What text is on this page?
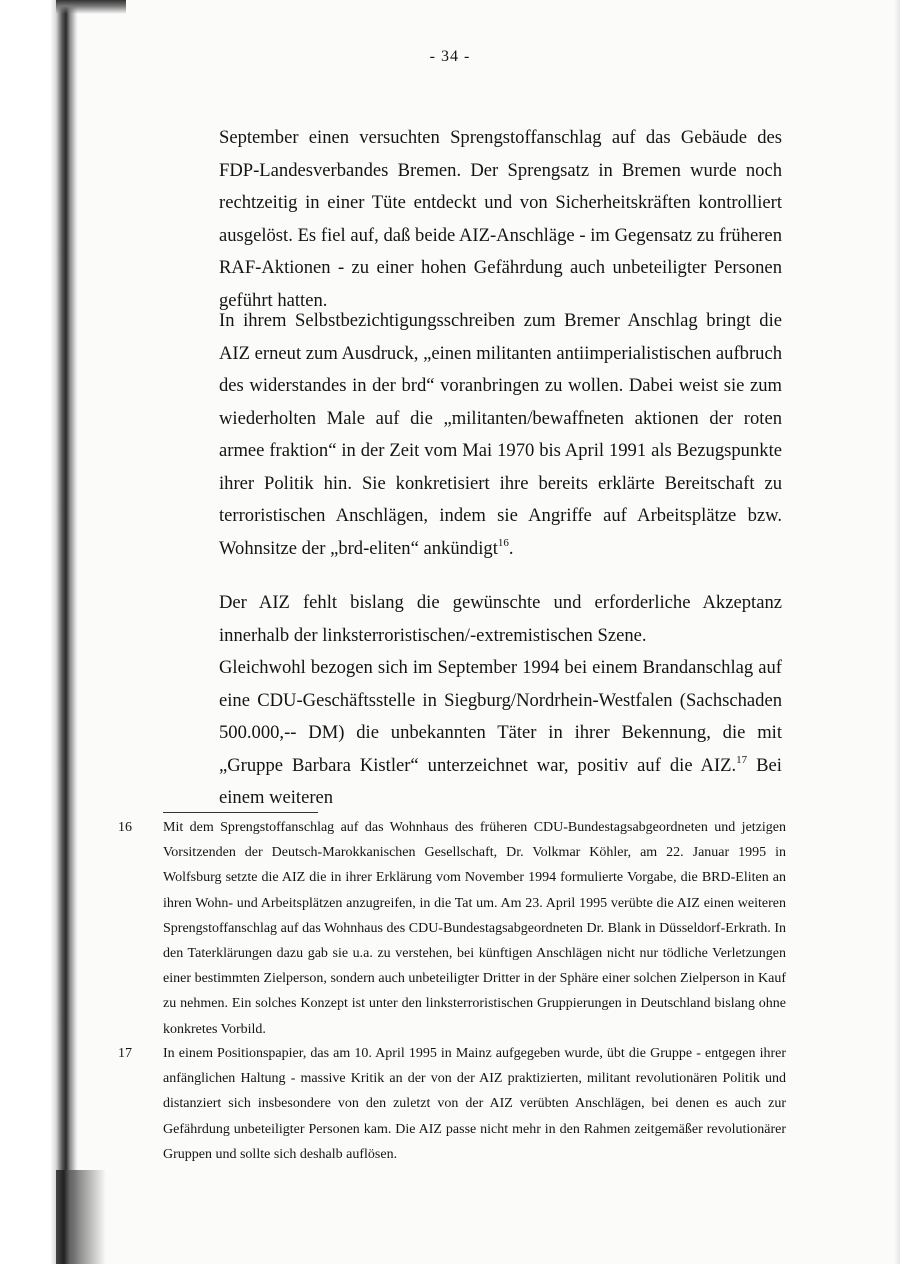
- 34 -

September einen versuchten Sprengstoffanschlag auf das Gebäude des FDP-Landesverbandes Bremen. Der Sprengsatz in Bremen wurde noch rechtzeitig in einer Tüte entdeckt und von Sicherheitskräften kontrolliert ausgelöst. Es fiel auf, daß beide AIZ-Anschläge - im Gegensatz zu früheren RAF-Aktionen - zu einer hohen Gefährdung auch unbeteiligter Personen geführt hatten.

In ihrem Selbstbezichtigungsschreiben zum Bremer Anschlag bringt die AIZ erneut zum Ausdruck, „einen militanten antiimperialistischen aufbruch des widerstandes in der brd“ voranbringen zu wollen. Dabei weist sie zum wiederholten Male auf die „militanten/bewaffneten aktionen der roten armee fraktion“ in der Zeit vom Mai 1970 bis April 1991 als Bezugspunkte ihrer Politik hin. Sie konkretisiert ihre bereits erklärte Bereitschaft zu terroristischen Anschlägen, indem sie Angriffe auf Arbeitsplätze bzw. Wohnsitze der „brd-eliten“ ankündigt$^{16}$.

Der AIZ fehlt bislang die gewünschte und erforderliche Akzeptanz innerhalb der linksterroristischen/-extremistischen Szene.

Gleichwohl bezogen sich im September 1994 bei einem Brandanschlag auf eine CDU-Geschäftsstelle in Siegburg/Nordrhein-Westfalen (Sachschaden 500.000,-- DM) die unbekannten Täter in ihrer Bekennung, die mit „Gruppe Barbara Kistler“ unterzeichnet war, positiv auf die AIZ.$^{17}$ Bei einem weiteren

16	Mit dem Sprengstoffanschlag auf das Wohnhaus des früheren CDU-Bundestagsabgeordneten und jetzigen Vorsitzenden der Deutsch-Marokkanischen Gesellschaft, Dr. Volkmar Köhler, am 22. Januar 1995 in Wolfsburg setzte die AIZ die in ihrer Erklärung vom November 1994 formulierte Vorgabe, die BRD-Eliten an ihren Wohn- und Arbeitsplätzen anzugreifen, in die Tat um. Am 23. April 1995 verübte die AIZ einen weiteren Sprengstoffanschlag auf das Wohnhaus des CDU-Bundestagsabgeordneten Dr. Blank in Düsseldorf-Erkrath. In den Taterklärungen dazu gab sie u.a. zu verstehen, bei künftigen Anschlägen nicht nur tödliche Verletzungen einer bestimmten Zielperson, sondern auch unbeteiligter Dritter in der Sphäre einer solchen Zielperson in Kauf zu nehmen. Ein solches Konzept ist unter den linksterroristischen Gruppierungen in Deutschland bislang ohne konkretes Vorbild.
17	In einem Positionspapier, das am 10. April 1995 in Mainz aufgegeben wurde, übt die Gruppe - entgegen ihrer anfänglichen Haltung - massive Kritik an der von der AIZ praktizierten, militant revolutionären Politik und distanziert sich insbesondere von den zuletzt von der AIZ verübten Anschlägen, bei denen es auch zur Gefährdung unbeteiligter Personen kam. Die AIZ passe nicht mehr in den Rahmen zeitgemäßer revolutionärer Gruppen und sollte sich deshalb auflösen.
